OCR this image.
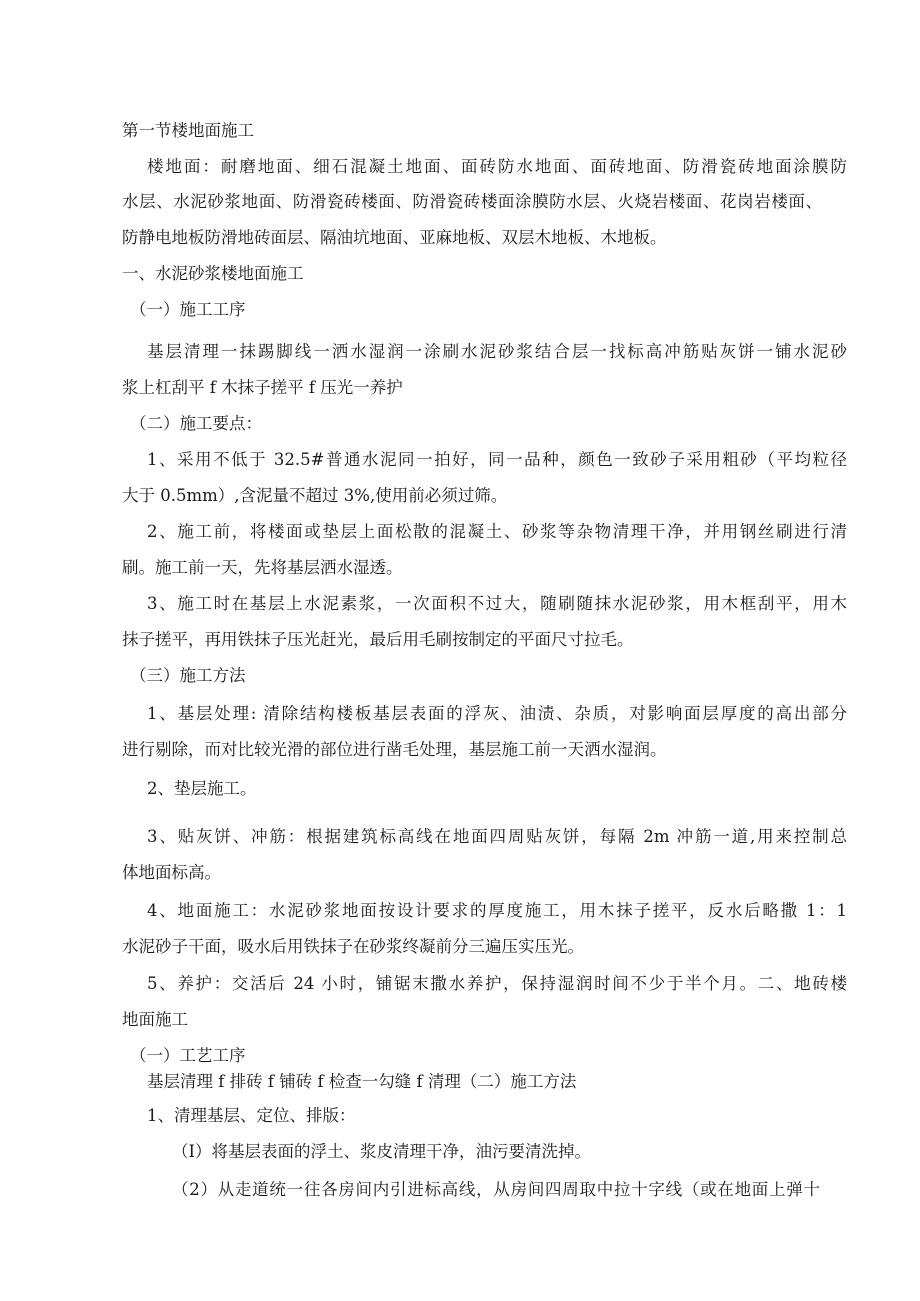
第一节楼地面施工
楼地面：耐磨地面、细石混凝土地面、面砖防水地面、面砖地面、防滑瓷砖地面涂膜防
水层、水泥砂浆地面、防滑瓷砖楼面、防滑瓷砖楼面涂膜防水层、火烧岩楼面、花岗岩楼面、
防静电地板防滑地砖面层、隔油坑地面、亚麻地板、双层木地板、木地板。
一、水泥砂浆楼地面施工
（一）施工工序
基层清理一抹踢脚线一洒水湿润一涂刷水泥砂浆结合层一找标高冲筋贴灰饼一铺水泥砂
浆上杠刮平 f 木抹子搓平 f 压光一养护
（二）施工要点：
1、采用不低于 32.5#普通水泥同一拍好，同一品种，颜色一致砂子采用粗砂（平均粒径
大于 0.5mm）,含泥量不超过 3%,使用前必须过筛。
2、施工前，将楼面或垫层上面松散的混凝土、砂浆等杂物清理干净，并用钢丝刷进行清
刷。施工前一天，先将基层洒水湿透。
3、施工时在基层上水泥素浆，一次面积不过大，随刷随抹水泥砂浆，用木框刮平，用木
抹子搓平，再用铁抹子压光赶光，最后用毛刷按制定的平面尺寸拉毛。
（三）施工方法
1、基层处理: 清除结构楼板基层表面的浮灰、油渍、杂质，对影响面层厚度的高出部分
进行剔除，而对比较光滑的部位进行凿毛处理，基层施工前一天洒水湿润。
2、垫层施工。
3、贴灰饼、冲筋：根据建筑标高线在地面四周贴灰饼，每隔 2m 冲筋一道,用来控制总
体地面标高。
4、地面施工：水泥砂浆地面按设计要求的厚度施工，用木抹子搓平，反水后略撒 1：1
水泥砂子干面，吸水后用铁抹子在砂浆终凝前分三遍压实压光。
5、养护：交活后 24 小时，铺锯末撒水养护，保持湿润时间不少于半个月。二、地砖楼
地面施工
（一）工艺工序
基层清理 f 排砖 f 铺砖 f 检查一勾缝 f 清理（二）施工方法
1、清理基层、定位、排版：
（I）将基层表面的浮土、浆皮清理干净，油污要清洗掉。
（2）从走道统一往各房间内引进标高线，从房间四周取中拉十字线（或在地面上弹十
